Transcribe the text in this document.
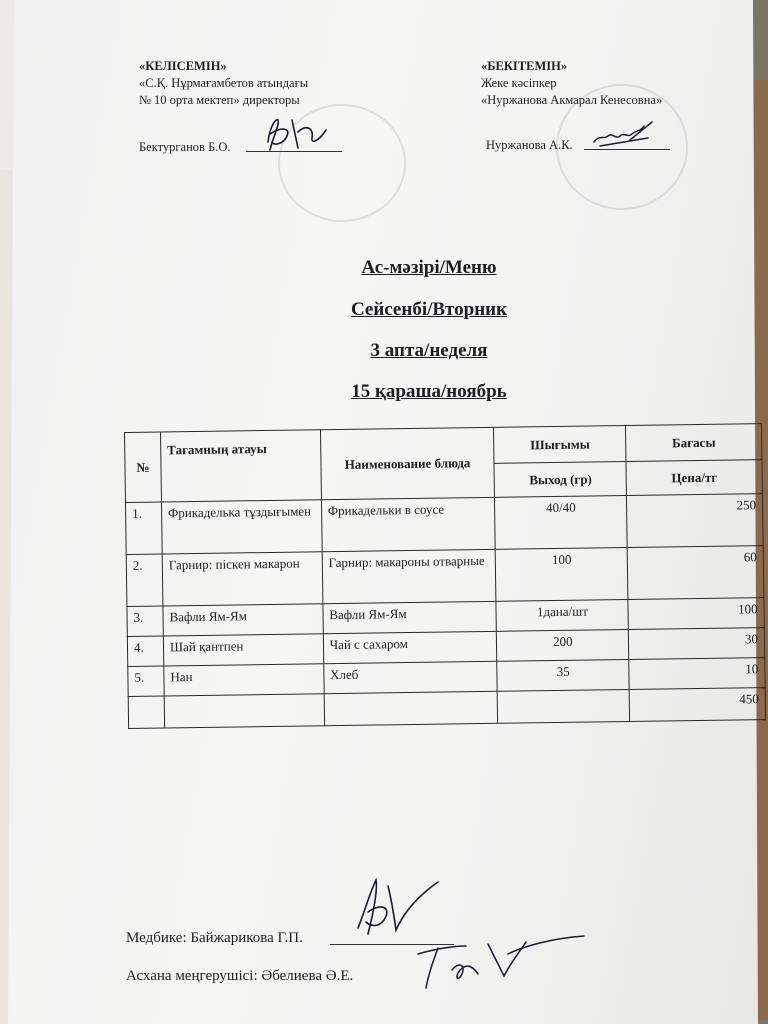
«КЕЛІСЕМІН»
«С.Қ. Нұрмағамбетов атындағы
№ 10 орта мектеп» директоры
Бектурганов Б.О.
«БЕКІТЕМІН»
Жеке кәсіпкер
«Нуржанова Акмарал Кенесовна»
Нуржанова А.К.
Ас-мәзірі/Меню
Сейсенбі/Вторник
3 апта/неделя
15 қараша/ноябрь
№	Тағамның атауы	Наименование блюда	Шығымы	Бағасы
			Выход (гр)	Цена/тг
1.	Фрикаделька тұздығымен	Фрикадельки в соусе	40/40	250
2.	Гарнир: піскен макарон	Гарнир: макароны отварные	100	60
3.	Вафли Ям-Ям	Вафли Ям-Ям	1дана/шт	100
4.	Шай қантпен	Чай с сахаром	200	30
5.	Нан	Хлеб	35	10
				450
Медбике: Байжарикова Г.П.
Асхана меңгерушісі: Әбелиева Ә.Е.
